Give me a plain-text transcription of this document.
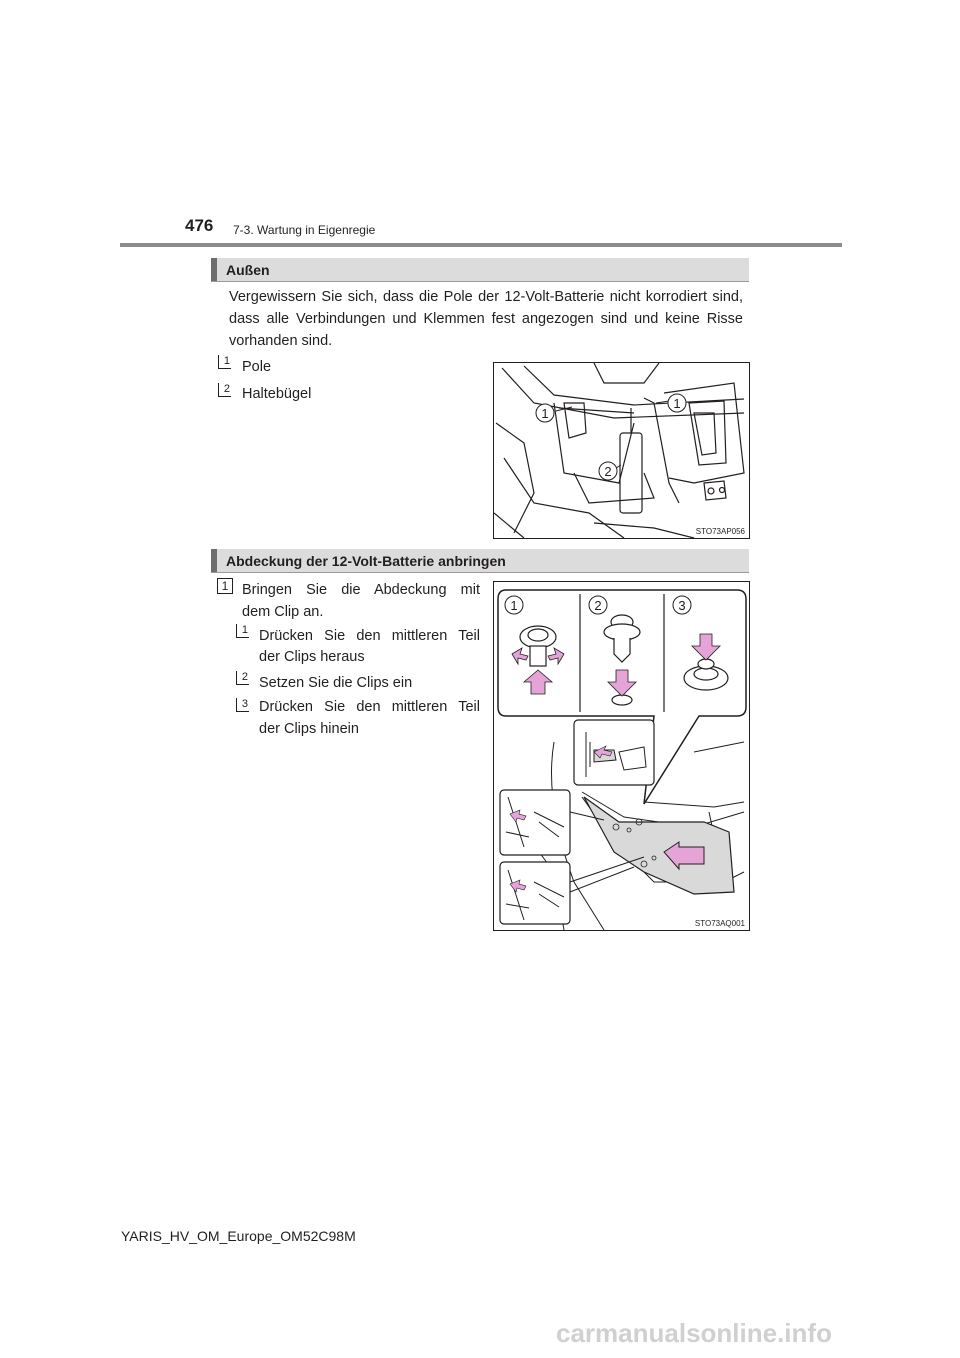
476 7-3. Wartung in Eigenregie
Außen
Vergewissern Sie sich, dass die Pole der 12-Volt-Batterie nicht korrodiert sind, dass alle Verbindungen und Klemmen fest angezogen sind und keine Risse vorhanden sind.
1 Pole
2 Haltebügel
1
1
2
STO73AP056
Abdeckung der 12-Volt-Batterie anbringen
1 Bringen Sie die Abdeckung mit
dem Clip an.
1 Drücken Sie den mittleren Teil
der Clips heraus
2 Setzen Sie die Clips ein
3 Drücken Sie den mittleren Teil
der Clips hinein
1	2	3
STO73AQ001
YARIS_HV_OM_Europe_OM52C98M
carmanualsonline.info
